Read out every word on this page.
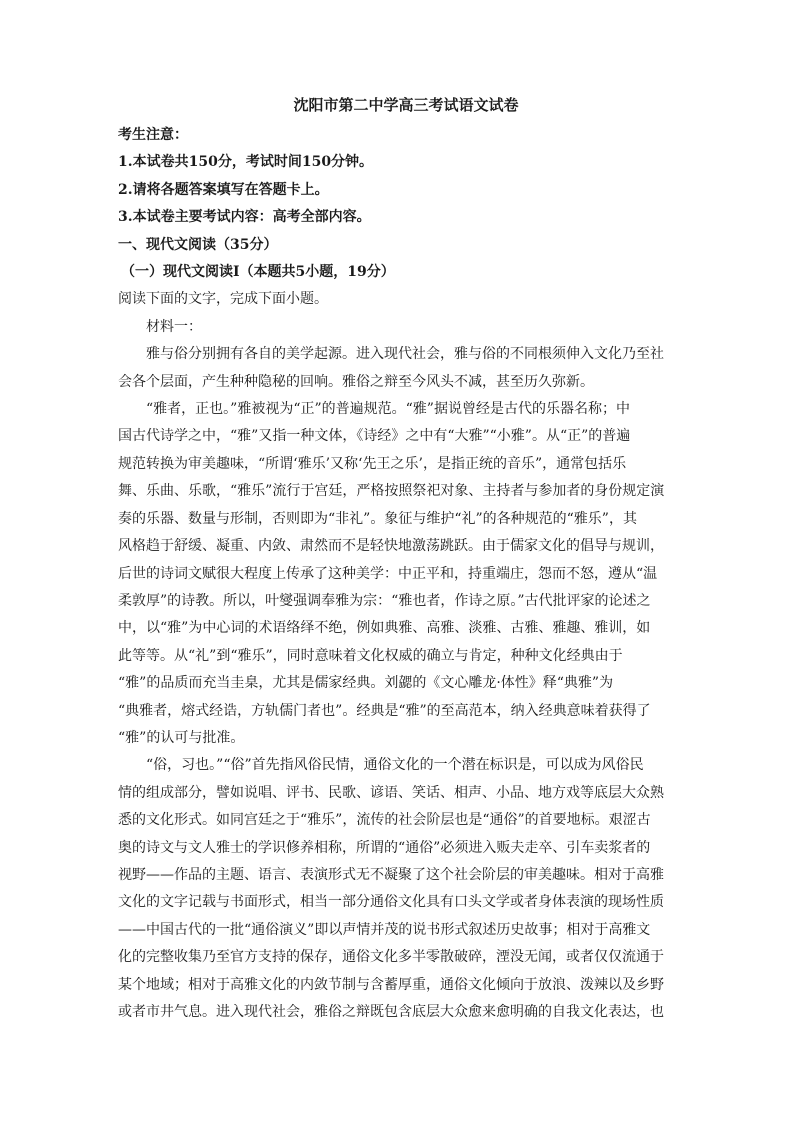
沈阳市第二中学高三考试语文试卷
考生注意：
1.本试卷共150分，考试时间150分钟。
2.请将各题答案填写在答题卡上。
3.本试卷主要考试内容：高考全部内容。
一、现代文阅读（35分）
（一）现代文阅读Ⅰ（本题共5小题，19分）
阅读下面的文字，完成下面小题。
材料一：
雅与俗分别拥有各自的美学起源。进入现代社会，雅与俗的不同根须伸入文化乃至社
会各个层面，产生种种隐秘的回响。雅俗之辩至今风头不减，甚至历久弥新。
“雅者，正也。”雅被视为“正”的普遍规范。“雅”据说曾经是古代的乐器名称；中
国古代诗学之中，“雅”又指一种文体，《诗经》之中有“大雅”“小雅”。从“正”的普遍
规范转换为审美趣味，“所谓‘雅乐’又称‘先王之乐’，是指正统的音乐”，通常包括乐
舞、乐曲、乐歌，“雅乐”流行于宫廷，严格按照祭祀对象、主持者与参加者的身份规定演
奏的乐器、数量与形制，否则即为“非礼”。象征与维护“礼”的各种规范的“雅乐”，其
风格趋于舒缓、凝重、内敛、肃然而不是轻快地激荡跳跃。由于儒家文化的倡导与规训，
后世的诗词文赋很大程度上传承了这种美学：中正平和，持重端庄，怨而不怒，遵从“温
柔敦厚”的诗教。所以，叶燮强调奉雅为宗：“雅也者，作诗之原。”古代批评家的论述之
中，以“雅”为中心词的术语络绎不绝，例如典雅、高雅、淡雅、古雅、雅趣、雅训，如
此等等。从“礼”到“雅乐”，同时意味着文化权威的确立与肯定，种种文化经典由于
“雅”的品质而充当圭臬，尤其是儒家经典。刘勰的《文心雕龙·体性》释“典雅”为
“典雅者，熔式经诰，方轨儒门者也”。经典是“雅”的至高范本，纳入经典意味着获得了
“雅”的认可与批准。
“俗，习也。”“俗”首先指风俗民情，通俗文化的一个潜在标识是，可以成为风俗民
情的组成部分，譬如说唱、评书、民歌、谚语、笑话、相声、小品、地方戏等底层大众熟
悉的文化形式。如同宫廷之于“雅乐”，流传的社会阶层也是“通俗”的首要地标。艰涩古
奥的诗文与文人雅士的学识修养相称，所谓的“通俗”必须进入贩夫走卒、引车卖浆者的
视野——作品的主题、语言、表演形式无不凝聚了这个社会阶层的审美趣味。相对于高雅
文化的文字记载与书面形式，相当一部分通俗文化具有口头文学或者身体表演的现场性质
——中国古代的一批“通俗演义”即以声情并茂的说书形式叙述历史故事；相对于高雅文
化的完整收集乃至官方支持的保存，通俗文化多半零散破碎，湮没无闻，或者仅仅流通于
某个地域；相对于高雅文化的内敛节制与含蓄厚重，通俗文化倾向于放浪、泼辣以及乡野
或者市井气息。进入现代社会，雅俗之辩既包含底层大众愈来愈明确的自我文化表达，也
